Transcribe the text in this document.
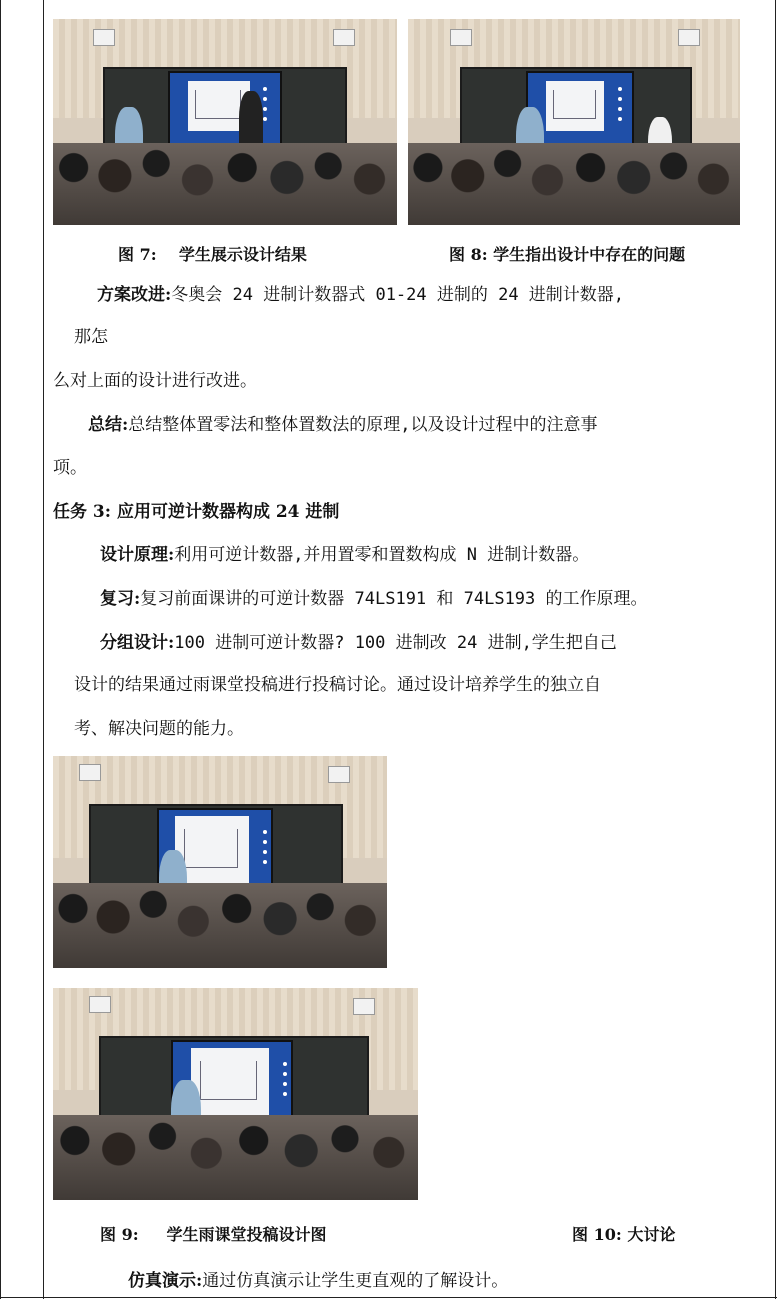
图 7: 学生展示设计结果	图 8: 学生指出设计中存在的问题
方案改进:冬奥会 24 进制计数器式 01-24 进制的 24 进制计数器,
那怎
么对上面的设计进行改进。
总结:总结整体置零法和整体置数法的原理,以及设计过程中的注意事
项。
任务 3: 应用可逆计数器构成 24 进制
设计原理:利用可逆计数器,并用置零和置数构成 N 进制计数器。
复习:复习前面课讲的可逆计数器 74LS191 和 74LS193 的工作原理。
分组设计:100 进制可逆计数器? 100 进制改 24 进制,学生把自己
设计的结果通过雨课堂投稿进行投稿讨论。通过设计培养学生的独立自
考、解决问题的能力。
图 9: 学生雨课堂投稿设计图	图 10: 大讨论
仿真演示:通过仿真演示让学生更直观的了解设计。
